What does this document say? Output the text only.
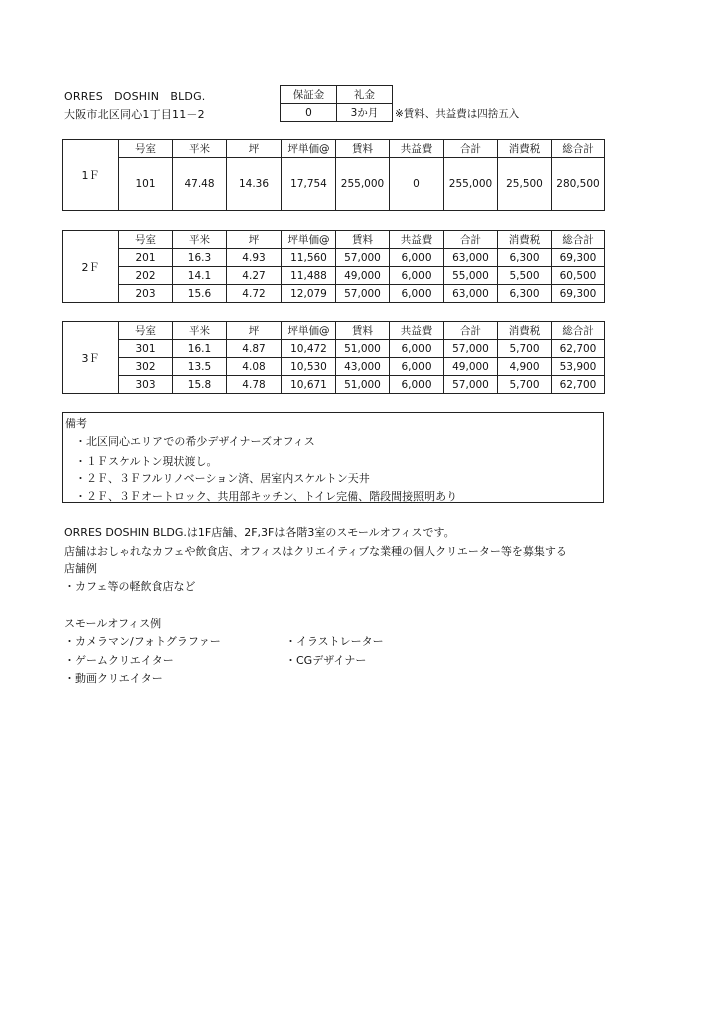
ORRES　DOSHIN　BLDG.
大阪市北区同心1丁目11－2
保証金	礼金
0	3か月 ※賃料、共益費は四捨五入
1Ｆ	号室	平米	坪	坪単価@	賃料	共益費	合計	消費税	総合計
	101	47.48	14.36	17,754	255,000	0	255,000	25,500	280,500
2Ｆ	号室	平米	坪	坪単価@	賃料	共益費	合計	消費税	総合計
	201	16.3	4.93	11,560	57,000	6,000	63,000	6,300	69,300
	202	14.1	4.27	11,488	49,000	6,000	55,000	5,500	60,500
	203	15.6	4.72	12,079	57,000	6,000	63,000	6,300	69,300
3Ｆ	号室	平米	坪	坪単価@	賃料	共益費	合計	消費税	総合計
	301	16.1	4.87	10,472	51,000	6,000	57,000	5,700	62,700
	302	13.5	4.08	10,530	43,000	6,000	49,000	4,900	53,900
	303	15.8	4.78	10,671	51,000	6,000	57,000	5,700	62,700
備考
・北区同心エリアでの希少デザイナーズオフィス
・１Ｆスケルトン現状渡し。
・２Ｆ、３Ｆフルリノベーション済、居室内スケルトン天井
・２Ｆ、３Ｆオートロック、共用部キッチン、トイレ完備、階段間接照明あり
ORRES DOSHIN BLDG.は1F店舗、2F,3Fは各階3室のスモールオフィスです。
店舗はおしゃれなカフェや飲食店、オフィスはクリエイティブな業種の個人クリエーター等を募集する
店舗例
・カフェ等の軽飲食店など
スモールオフィス例
・カメラマン/フォトグラファー
・ゲームクリエイター
・動画クリエイター
・イラストレーター
・CGデザイナー
